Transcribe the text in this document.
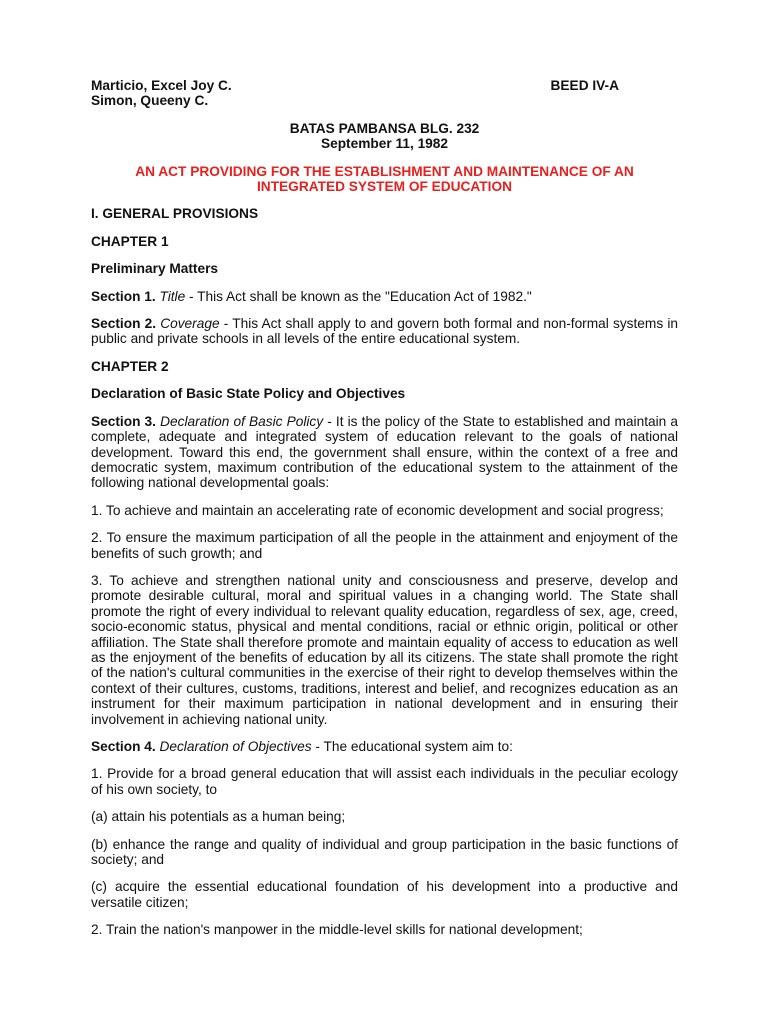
Marticio, Excel Joy C.
Simon, Queeny C.
BEED IV-A
BATAS PAMBANSA BLG. 232
September 11, 1982
AN ACT PROVIDING FOR THE ESTABLISHMENT AND MAINTENANCE OF AN INTEGRATED SYSTEM OF EDUCATION
I. GENERAL PROVISIONS
CHAPTER 1
Preliminary Matters

Section 1. Title - This Act shall be known as the "Education Act of 1982."

Section 2. Coverage - This Act shall apply to and govern both formal and non-formal systems in public and private schools in all levels of the entire educational system.

CHAPTER 2
Declaration of Basic State Policy and Objectives

Section 3. Declaration of Basic Policy - It is the policy of the State to established and maintain a complete, adequate and integrated system of education relevant to the goals of national development. Toward this end, the government shall ensure, within the context of a free and democratic system, maximum contribution of the educational system to the attainment of the following national developmental goals:

1. To achieve and maintain an accelerating rate of economic development and social progress;

2. To ensure the maximum participation of all the people in the attainment and enjoyment of the benefits of such growth; and

3. To achieve and strengthen national unity and consciousness and preserve, develop and promote desirable cultural, moral and spiritual values in a changing world. The State shall promote the right of every individual to relevant quality education, regardless of sex, age, creed, socio-economic status, physical and mental conditions, racial or ethnic origin, political or other affiliation. The State shall therefore promote and maintain equality of access to education as well as the enjoyment of the benefits of education by all its citizens. The state shall promote the right of the nation's cultural communities in the exercise of their right to develop themselves within the context of their cultures, customs, traditions, interest and belief, and recognizes education as an instrument for their maximum participation in national development and in ensuring their involvement in achieving national unity.

Section 4. Declaration of Objectives - The educational system aim to:

1. Provide for a broad general education that will assist each individuals in the peculiar ecology of his own society, to

(a) attain his potentials as a human being;

(b) enhance the range and quality of individual and group participation in the basic functions of society; and

(c) acquire the essential educational foundation of his development into a productive and versatile citizen;

2. Train the nation's manpower in the middle-level skills for national development;
